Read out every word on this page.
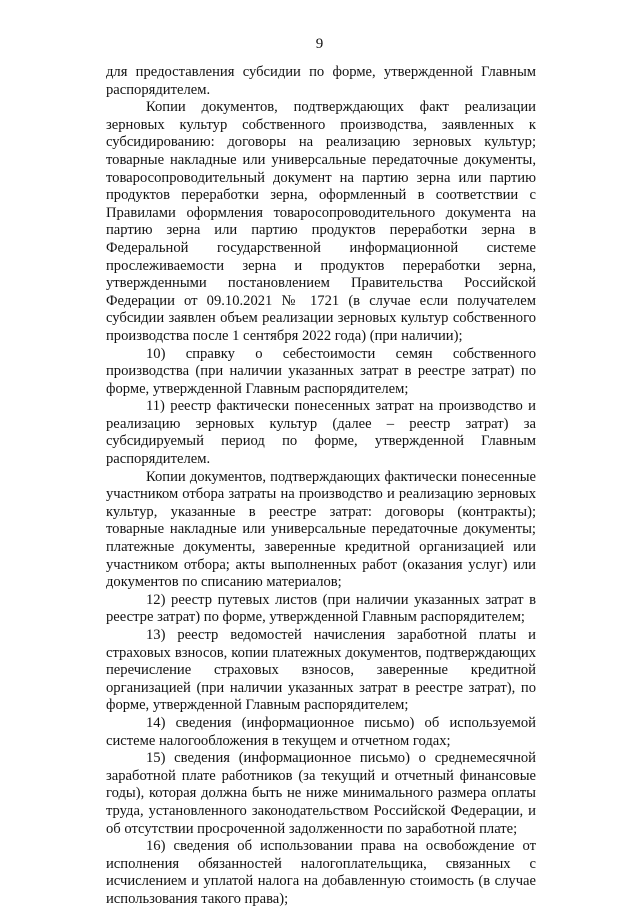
9

для предоставления субсидии по форме, утвержденной Главным распорядителем.

Копии документов, подтверждающих факт реализации зерновых культур собственного производства, заявленных к субсидированию: договоры на реализацию зерновых культур; товарные накладные или универсальные передаточные документы, товаросопроводительный документ на партию зерна или партию продуктов переработки зерна, оформленный в соответствии с Правилами оформления товаросопроводительного документа на партию зерна или партию продуктов переработки зерна в Федеральной государственной информационной системе прослеживаемости зерна и продуктов переработки зерна, утвержденными постановлением Правительства Российской Федерации от 09.10.2021 № 1721 (в случае если получателем субсидии заявлен объем реализации зерновых культур собственного производства после 1 сентября 2022 года) (при наличии);

10) справку о себестоимости семян собственного производства (при наличии указанных затрат в реестре затрат) по форме, утвержденной Главным распорядителем;

11) реестр фактически понесенных затрат на производство и реализацию зерновых культур (далее – реестр затрат) за субсидируемый период по форме, утвержденной Главным распорядителем.

Копии документов, подтверждающих фактически понесенные участником отбора затраты на производство и реализацию зерновых культур, указанные в реестре затрат: договоры (контракты); товарные накладные или универсальные передаточные документы; платежные документы, заверенные кредитной организацией или участником отбора; акты выполненных работ (оказания услуг) или документов по списанию материалов;

12) реестр путевых листов (при наличии указанных затрат в реестре затрат) по форме, утвержденной Главным распорядителем;

13) реестр ведомостей начисления заработной платы и страховых взносов, копии платежных документов, подтверждающих перечисление страховых взносов, заверенные кредитной организацией (при наличии указанных затрат в реестре затрат), по форме, утвержденной Главным распорядителем;

14) сведения (информационное письмо) об используемой системе налогообложения в текущем и отчетном годах;

15) сведения (информационное письмо) о среднемесячной заработной плате работников (за текущий и отчетный финансовые годы), которая должна быть не ниже минимального размера оплаты труда, установленного законодательством Российской Федерации, и об отсутствии просроченной задолженности по заработной плате;

16) сведения об использовании права на освобождение от исполнения обязанностей налогоплательщика, связанных с исчислением и уплатой налога на добавленную стоимость (в случае использования такого права);
